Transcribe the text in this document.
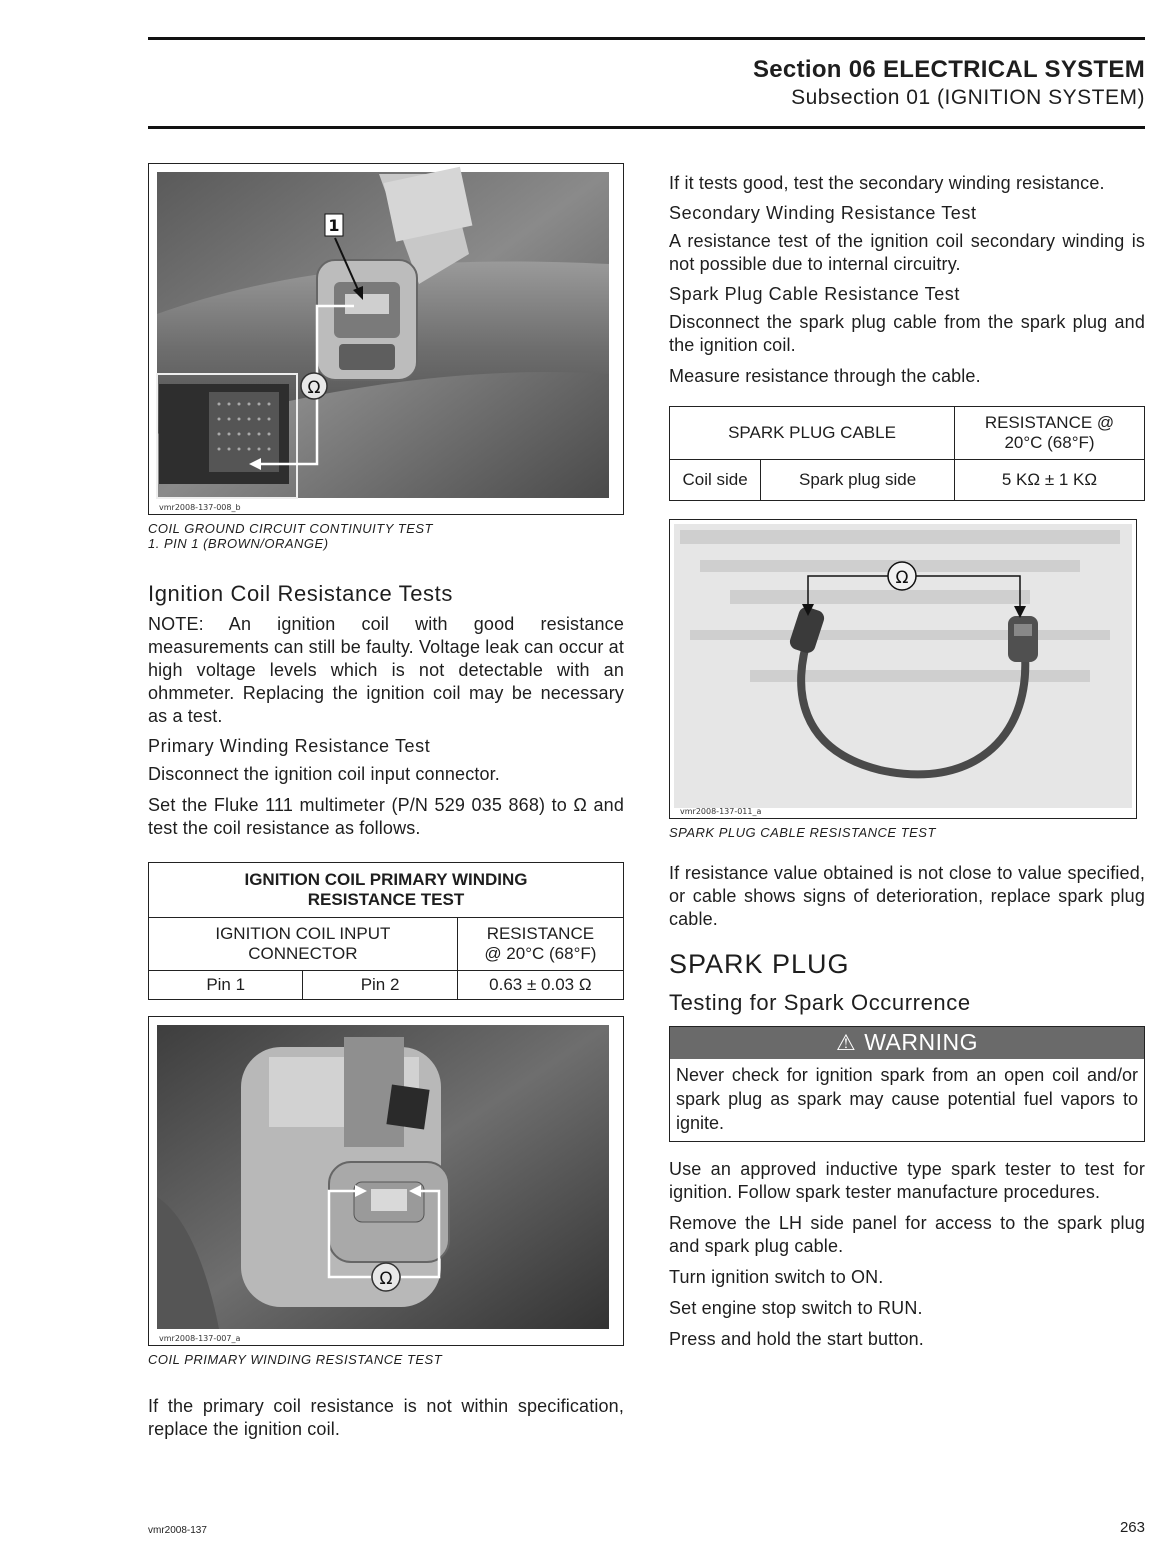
Section 06 ELECTRICAL SYSTEM
Subsection 01 (IGNITION SYSTEM)
Ω
1
vmr2008-137-008_b
COIL GROUND CIRCUIT CONTINUITY TEST
1. PIN 1 (BROWN/ORANGE)
Ignition Coil Resistance Tests

NOTE: An ignition coil with good resistance measurements can still be faulty. Voltage leak can occur at high voltage levels which is not detectable with an ohmmeter. Replacing the ignition coil may be necessary as a test.

Primary Winding Resistance Test

Disconnect the ignition coil input connector.

Set the Fluke 111 multimeter (P/N 529 035 868) to Ω and test the coil resistance as follows.

IGNITION COIL PRIMARY WINDING RESISTANCE TEST		
IGNITION COIL INPUT CONNECTOR		RESISTANCE @ 20°C (68°F)
Pin 1	Pin 2	0.63 ± 0.03 Ω
Ω
vmr2008-137-007_a
COIL PRIMARY WINDING RESISTANCE TEST

If the primary coil resistance is not within specification, replace the ignition coil.

If it tests good, test the secondary winding resistance.

Secondary Winding Resistance Test

A resistance test of the ignition coil secondary winding is not possible due to internal circuitry.

Spark Plug Cable Resistance Test

Disconnect the spark plug cable from the spark plug and the ignition coil.

Measure resistance through the cable.

SPARK PLUG CABLE		RESISTANCE @ 20°C (68°F)
Coil side	Spark plug side	5 KΩ ± 1 KΩ
Ω
vmr2008-137-011_a
SPARK PLUG CABLE RESISTANCE TEST

If resistance value obtained is not close to value specified, or cable shows signs of deterioration, replace spark plug cable.

SPARK PLUG
Testing for Spark Occurrence
⚠ WARNING
Never check for ignition spark from an open coil and/or spark plug as spark may cause potential fuel vapors to ignite.

Use an approved inductive type spark tester to test for ignition. Follow spark tester manufacture procedures.

Remove the LH side panel for access to the spark plug and spark plug cable.

Turn ignition switch to ON.

Set engine stop switch to RUN.

Press and hold the start button.

vmr2008-137	263
